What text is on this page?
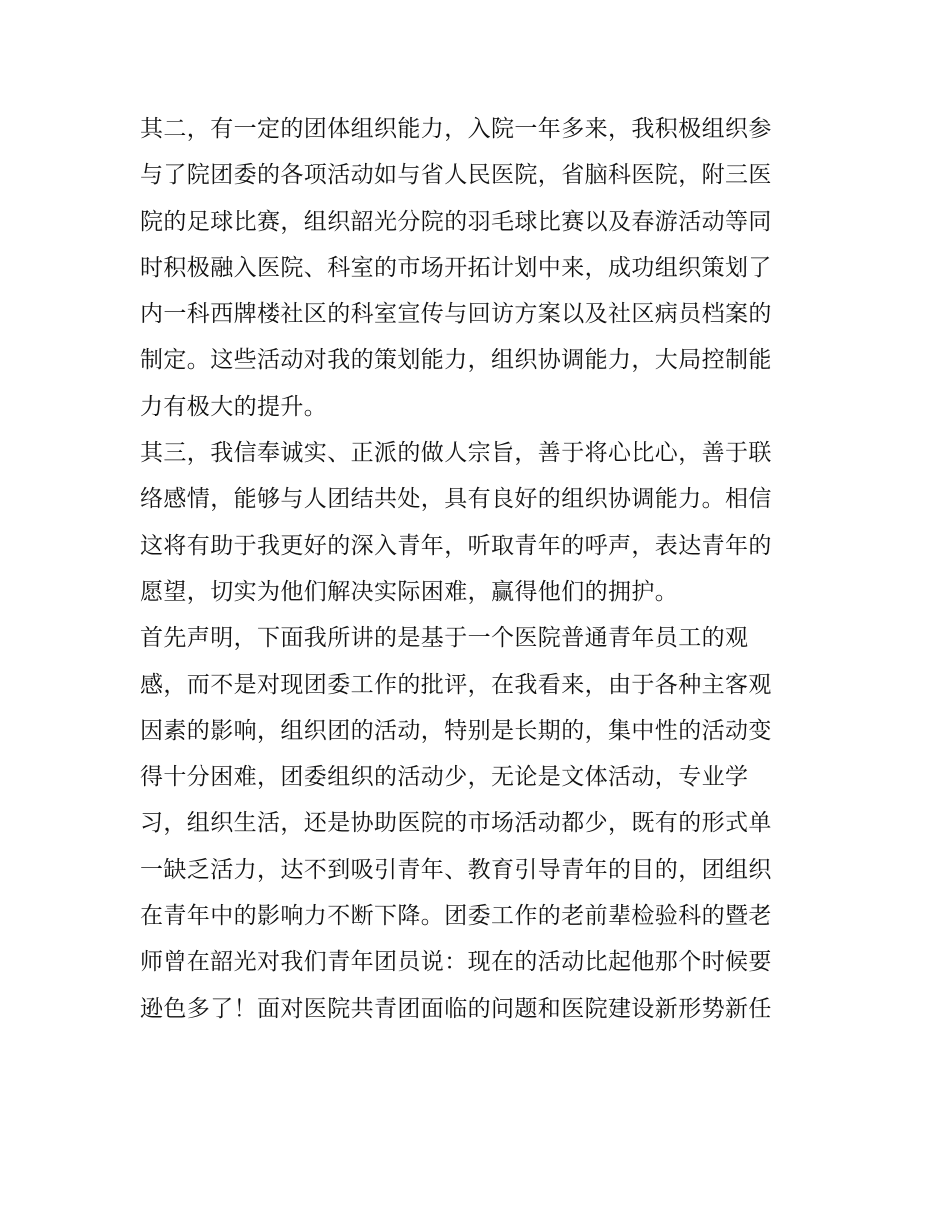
其二，有一定的团体组织能力，入院一年多来，我积极组织参
与了院团委的各项活动如与省人民医院，省脑科医院，附三医
院的足球比赛，组织韶光分院的羽毛球比赛以及春游活动等同
时积极融入医院、科室的市场开拓计划中来，成功组织策划了
内一科西牌楼社区的科室宣传与回访方案以及社区病员档案的
制定。这些活动对我的策划能力，组织协调能力，大局控制能
力有极大的提升。
其三，我信奉诚实、正派的做人宗旨，善于将心比心，善于联
络感情，能够与人团结共处，具有良好的组织协调能力。相信
这将有助于我更好的深入青年，听取青年的呼声，表达青年的
愿望，切实为他们解决实际困难，赢得他们的拥护。
首先声明，下面我所讲的是基于一个医院普通青年员工的观
感，而不是对现团委工作的批评，在我看来，由于各种主客观
因素的影响，组织团的活动，特别是长期的，集中性的活动变
得十分困难，团委组织的活动少，无论是文体活动，专业学
习，组织生活，还是协助医院的市场活动都少，既有的形式单
一缺乏活力，达不到吸引青年、教育引导青年的目的，团组织
在青年中的影响力不断下降。团委工作的老前辈检验科的暨老
师曾在韶光对我们青年团员说：现在的活动比起他那个时候要
逊色多了！面对医院共青团面临的问题和医院建设新形势新任
